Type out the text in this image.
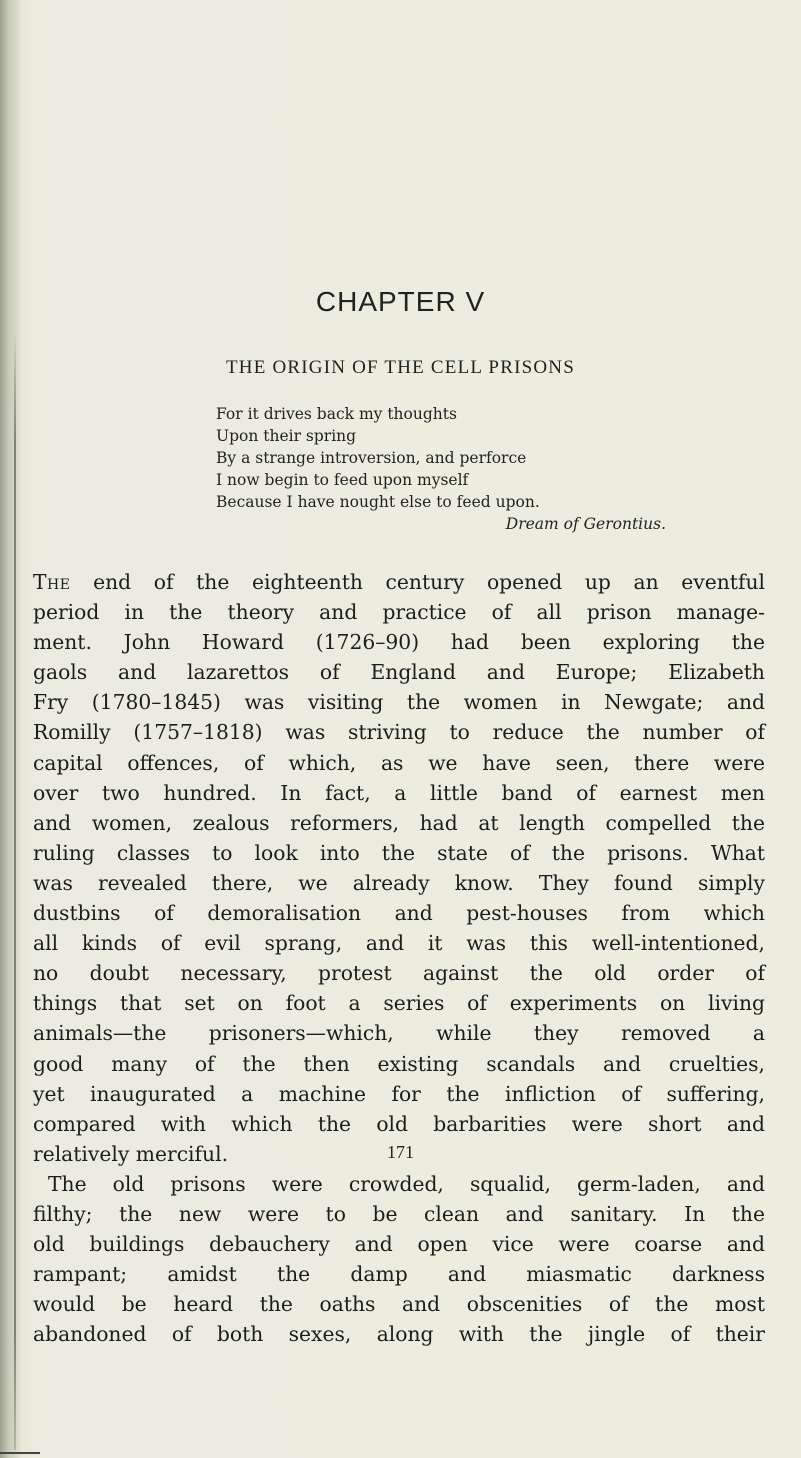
CHAPTER V
THE ORIGIN OF THE CELL PRISONS
For it drives back my thoughts
Upon their spring
By a strange introversion, and perforce
I now begin to feed upon myself
Because I have nought else to feed upon.
Dream of Gerontius.
The end of the eighteenth century opened up an eventful
period in the theory and practice of all prison manage-
ment. John Howard (1726–90) had been exploring the
gaols and lazarettos of England and Europe; Elizabeth
Fry (1780–1845) was visiting the women in Newgate; and
Romilly (1757–1818) was striving to reduce the number of
capital offences, of which, as we have seen, there were
over two hundred. In fact, a little band of earnest men
and women, zealous reformers, had at length compelled the
ruling classes to look into the state of the prisons. What
was revealed there, we already know. They found simply
dustbins of demoralisation and pest-houses from which
all kinds of evil sprang, and it was this well-intentioned,
no doubt necessary, protest against the old order of
things that set on foot a series of experiments on living
animals—the prisoners—which, while they removed a
good many of the then existing scandals and cruelties,
yet inaugurated a machine for the infliction of suffering,
compared with which the old barbarities were short and
relatively merciful.
The old prisons were crowded, squalid, germ-laden, and
filthy; the new were to be clean and sanitary. In the
old buildings debauchery and open vice were coarse and
rampant; amidst the damp and miasmatic darkness
would be heard the oaths and obscenities of the most
abandoned of both sexes, along with the jingle of their
171
